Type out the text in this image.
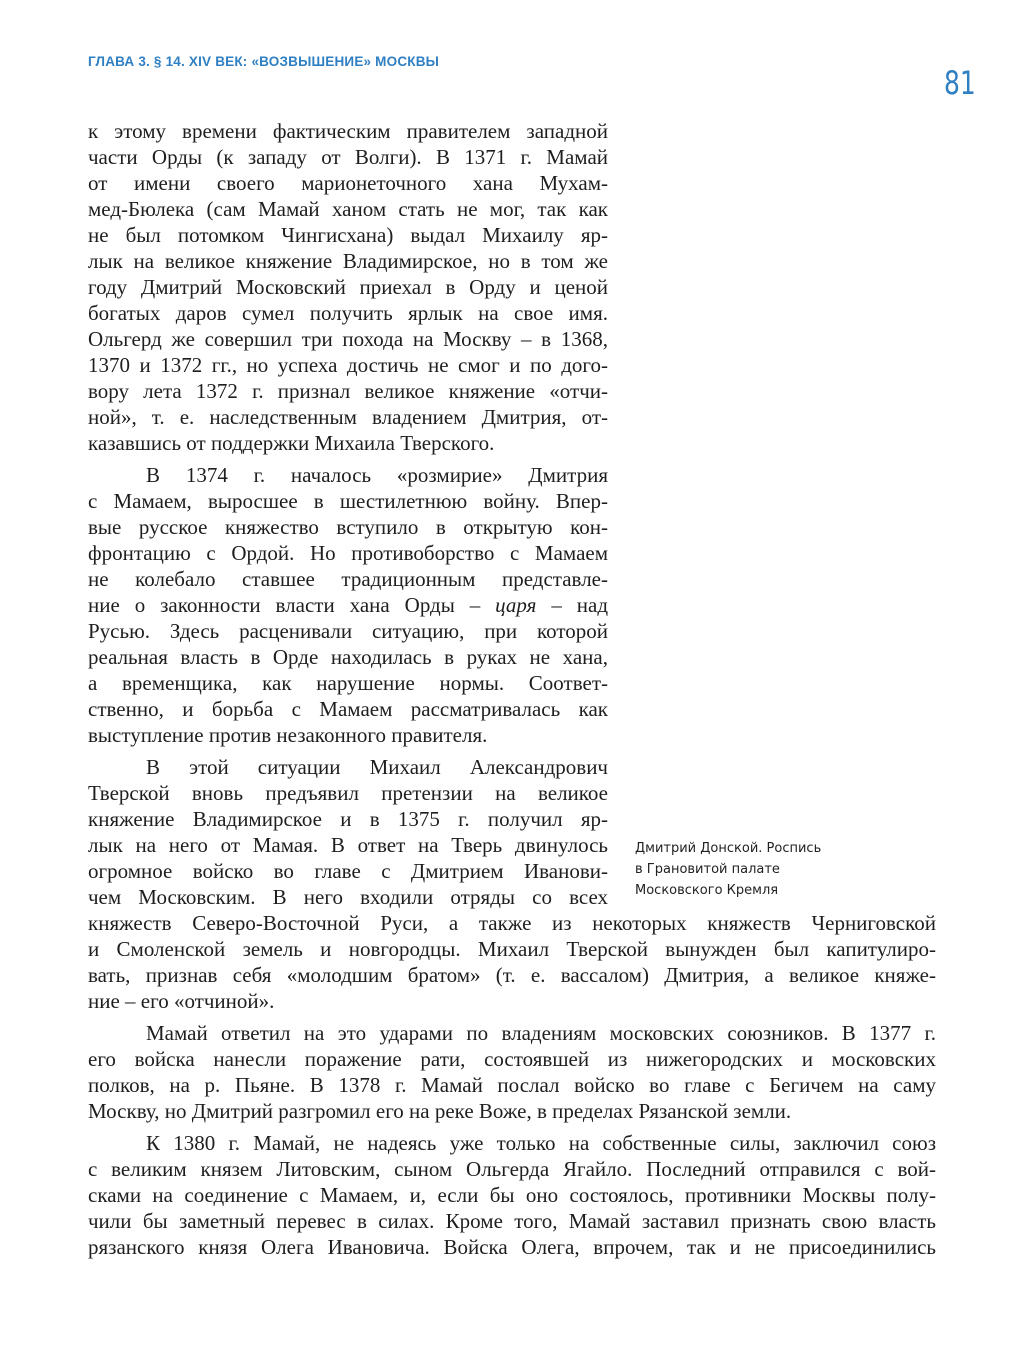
ГЛАВА 3. § 14. XIV ВЕК: «ВОЗВЫШЕНИЕ» МОСКВЫ
81
к этому времени фактическим правителем западной
части Орды (к западу от Волги). В 1371 г. Мамай
от имени своего марионеточного хана Мухам-
мед-Бюлека (сам Мамай ханом стать не мог, так как
не был потомком Чингисхана) выдал Михаилу яр-
лык на великое княжение Владимирское, но в том же
году Дмитрий Московский приехал в Орду и ценой
богатых даров сумел получить ярлык на свое имя.
Ольгерд же совершил три похода на Москву – в 1368,
1370 и 1372 гг., но успеха достичь не смог и по дого-
вору лета 1372 г. признал великое княжение «отчи-
ной», т. е. наследственным владением Дмитрия, от-
казавшись от поддержки Михаила Тверского.
В 1374 г. началось «розмирие» Дмитрия
с Мамаем, выросшее в шестилетнюю войну. Впер-
вые русское княжество вступило в открытую кон-
фронтацию с Ордой. Но противоборство с Мамаем
не колебало ставшее традиционным представле-
ние о законности власти хана Орды – царя – над
Русью. Здесь расценивали ситуацию, при которой
реальная власть в Орде находилась в руках не хана,
а временщика, как нарушение нормы. Соответ-
ственно, и борьба с Мамаем рассматривалась как
выступление против незаконного правителя.
В этой ситуации Михаил Александрович
Тверской вновь предъявил претензии на великое
княжение Владимирское и в 1375 г. получил яр-
лык на него от Мамая. В ответ на Тверь двинулось
огромное войско во главе с Дмитрием Иванови-
чем Московским. В него входили отряды со всех
княжеств Северо-Восточной Руси, а также из некоторых княжеств Черниговской
и Смоленской земель и новгородцы. Михаил Тверской вынужден был капитулиро-
вать, признав себя «молодшим братом» (т. е. вассалом) Дмитрия, а великое княже-
ние – его «отчиной».
Мамай ответил на это ударами по владениям московских союзников. В 1377 г.
его войска нанесли поражение рати, состоявшей из нижегородских и московских
полков, на р. Пьяне. В 1378 г. Мамай послал войско во главе с Бегичем на саму
Москву, но Дмитрий разгромил его на реке Воже, в пределах Рязанской земли.
К 1380 г. Мамай, не надеясь уже только на собственные силы, заключил союз
с великим князем Литовским, сыном Ольгерда Ягайло. Последний отправился с вой-
сками на соединение с Мамаем, и, если бы оно состоялось, противники Москвы полу-
чили бы заметный перевес в силах. Кроме того, Мамай заставил признать свою власть
рязанского князя Олега Ивановича. Войска Олега, впрочем, так и не присоединились
Дмитрий Донской. Роспись
в Грановитой палате
Московского Кремля
